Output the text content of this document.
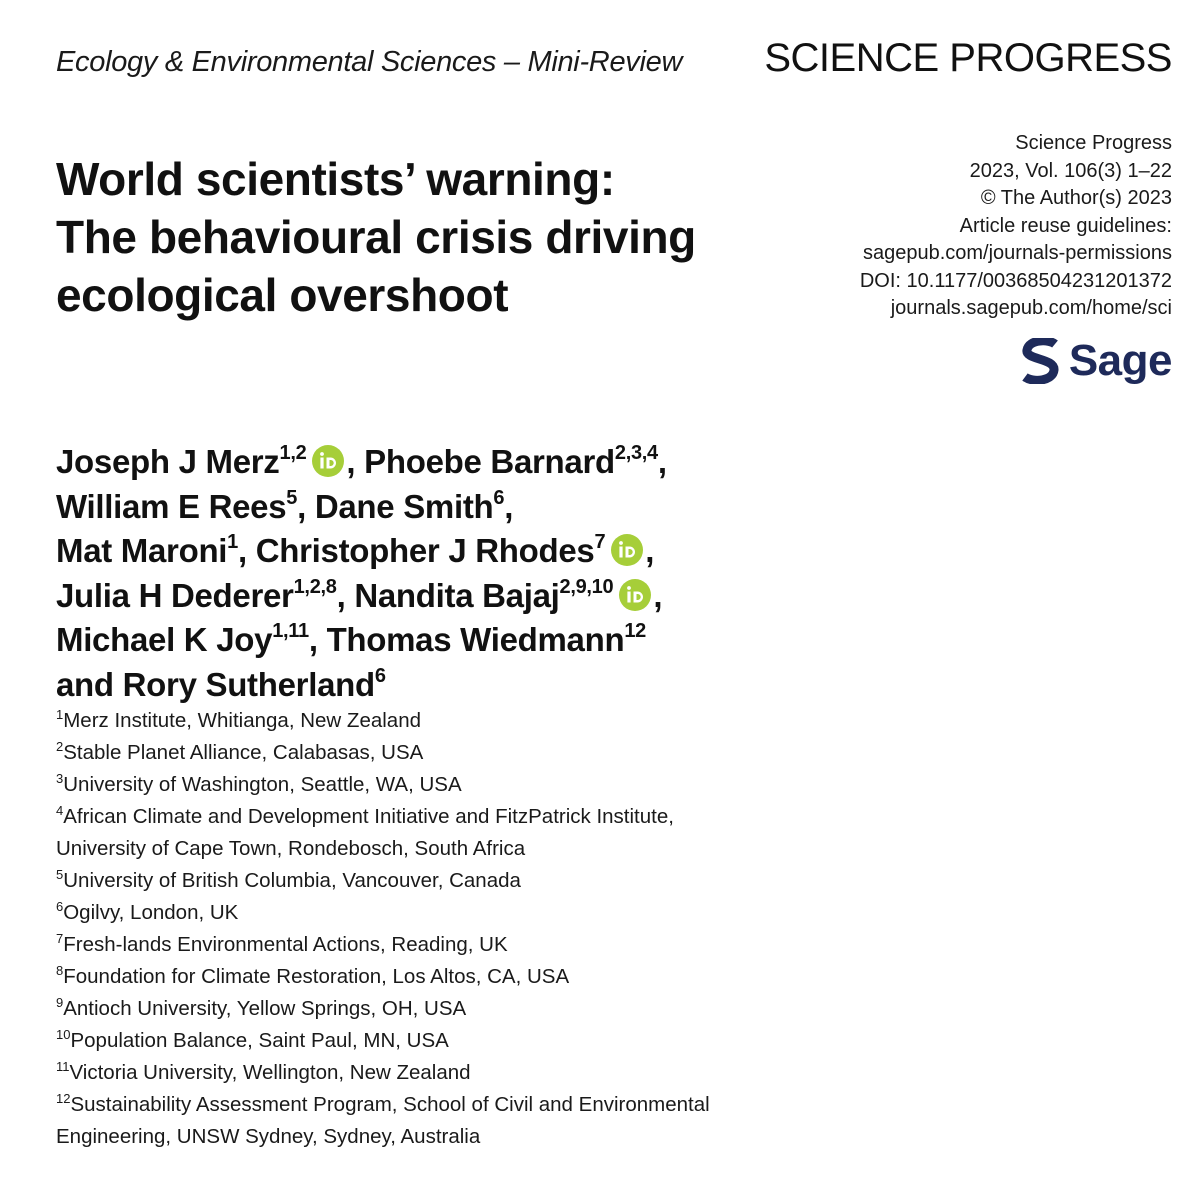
Ecology & Environmental Sciences – Mini-Review SCIENCE PROGRESS
Science Progress
2023, Vol. 106(3) 1–22
© The Author(s) 2023
Article reuse guidelines:
sagepub.com/journals-permissions
DOI: 10.1177/00368504231201372
journals.sagepub.com/home/sci
Sage
World scientists’ warning:
The behavioural crisis driving
ecological overshoot
Joseph J Merz$^{1,2}$ , Phoebe Barnard$^{2,3,4}$,
William E Rees$^5$, Dane Smith$^6$,
Mat Maroni$^1$, Christopher J Rhodes$^7$ ,
Julia H Dederer$^{1,2,8}$, Nandita Bajaj$^{2,9,10}$ ,
Michael K Joy$^{1,11}$, Thomas Wiedmann$^{12}$
and Rory Sutherland$^6$
$^1$Merz Institute, Whitianga, New Zealand
$^2$Stable Planet Alliance, Calabasas, USA
$^3$University of Washington, Seattle, WA, USA
$^4$African Climate and Development Initiative and FitzPatrick Institute,
University of Cape Town, Rondebosch, South Africa
$^5$University of British Columbia, Vancouver, Canada
$^6$Ogilvy, London, UK
$^7$Fresh-lands Environmental Actions, Reading, UK
$^8$Foundation for Climate Restoration, Los Altos, CA, USA
$^9$Antioch University, Yellow Springs, OH, USA
$^{10}$Population Balance, Saint Paul, MN, USA
$^{11}$Victoria University, Wellington, New Zealand
$^{12}$Sustainability Assessment Program, School of Civil and Environmental
Engineering, UNSW Sydney, Sydney, Australia
